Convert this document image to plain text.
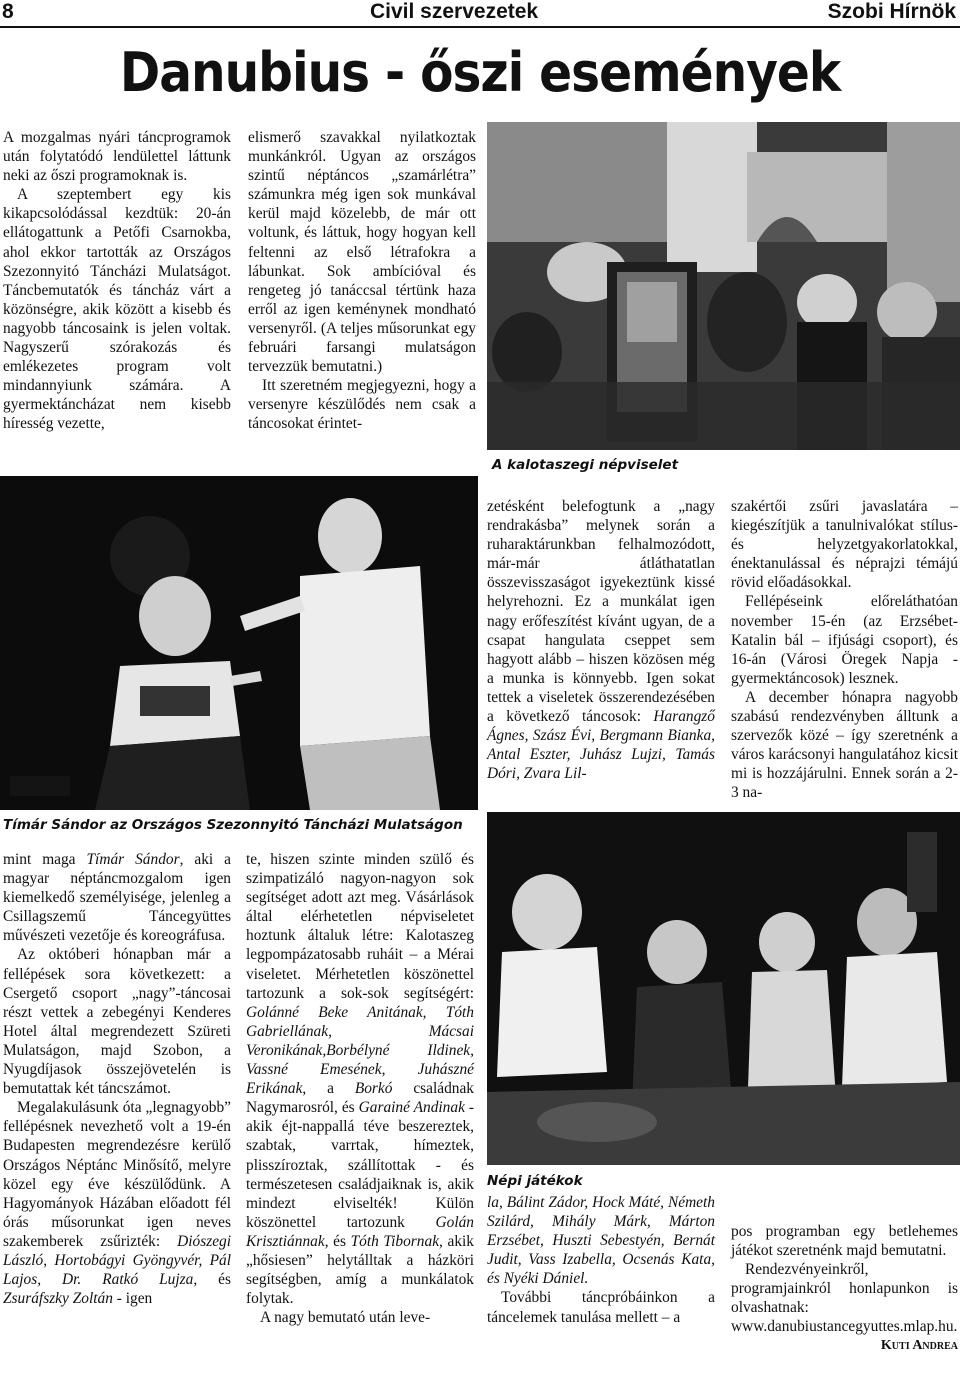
8	Civil szervezetek	Szobi Hírnök
Danubius - őszi események

A mozgalmas nyári táncprogramok után folytatódó lendülettel láttunk neki az őszi programoknak is.

A szeptembert egy kis kikapcsolódással kezdtük: 20-án ellátogattunk a Petőfi Csarnokba, ahol ekkor tartották az Országos Szezonnyitó Táncházi Mulatságot. Táncbemutatók és táncház várt a közönségre, akik között a kisebb és nagyobb táncosaink is jelen voltak. Nagyszerű szórakozás és emlékezetes program volt mindannyiunk számára. A gyermektáncházat nem kisebb híresség vezette,

elismerő szavakkal nyilatkoztak munkánkról. Ugyan az országos szintű néptáncos „szamárlétra” számunkra még igen sok munkával kerül majd közelebb, de már ott voltunk, és láttuk, hogy hogyan kell feltenni az első létrafokra a lábunkat. Sok ambícióval és rengeteg jó tanáccsal tértünk haza erről az igen keménynek mondható versenyről. (A teljes műsorunkat egy februári farsangi mulatságon tervezzük bemutatni.)

Itt szeretném megjegyezni, hogy a versenyre készülődés nem csak a táncosokat érintet-

A kalotaszegi népviselet
Tímár Sándor az Országos Szezonnyitó Táncházi Mulatságon

zetésként belefogtunk a „nagy rendrakásba” melynek során a ruharaktárunkban felhalmozódott, már-már átláthatatlan összevisszaságot igyekeztünk kissé helyrehozni. Ez a munkálat igen nagy erőfeszítést kívánt ugyan, de a csapat hangulata cseppet sem hagyott alább – hiszen közösen még a munka is könnyebb. Igen sokat tettek a viseletek összerendezésében a következő táncosok: Harangző Ágnes, Szász Évi, Bergmann Bianka, Antal Eszter, Juhász Lujzi, Tamás Dóri, Zvara Lil-

szakértői zsűri javaslatára – kiegészítjük a tanulnivalókat stílus- és helyzetgyakorlatokkal, énektanulással és néprajzi témájú rövid előadásokkal.

Fellépéseink előreláthatóan november 15-én (az Erzsébet-Katalin bál – ifjúsági csoport), és 16-án (Városi Öregek Napja - gyermektáncosok) lesznek.

A december hónapra nagyobb szabású rendezvényben álltunk a szervezők közé – így szeretnénk a város karácsonyi hangulatához kicsit mi is hozzájárulni. Ennek során a 2-3 na-

mint maga Tímár Sándor, aki a magyar néptáncmozgalom igen kiemelkedő személyisége, jelenleg a Csillagszemű Táncegyüttes művészeti vezetője és koreográfusa.

Az októberi hónapban már a fellépések sora következett: a Csergető csoport „nagy”-táncosai részt vettek a zebegényi Kenderes Hotel által megrendezett Szüreti Mulatságon, majd Szobon, a Nyugdíjasok összejövetelén is bemutattak két táncszámot.

Megalakulásunk óta „legnagyobb” fellépésnek nevezhető volt a 19-én Budapesten megrendezésre kerülő Országos Néptánc Minősítő, melyre közel egy éve készülődünk. A Hagyományok Házában előadott fél órás műsorunkat igen neves szakemberek zsűrizték: Diószegi László, Hortobágyi Gyöngyvér, Pál Lajos, Dr. Ratkó Lujza, és Zsuráfszky Zoltán - igen

te, hiszen szinte minden szülő és szimpatizáló nagyon-nagyon sok segítséget adott azt meg. Vásárlások által elérhetetlen népviseletet hoztunk általuk létre: Kalotaszeg legpompázatosabb ruháit – a Mérai viseletet. Mérhetetlen köszönettel tartozunk a sok-sok segítségért: Golánné Beke Anitának, Tóth Gabriellának, Mácsai Veronikának,Borbélyné Ildinek, Vassné Emesének, Juhászné Erikának, a Borkó családnak Nagymarosról, és Garainé Andinak - akik éjt-nappallá téve beszereztek, szabtak, varrtak, hímeztek, plisszíroztak, szállítottak - és természetesen családjaiknak is, akik mindezt elviselték! Külön köszönettel tartozunk Golán Krisztiánnak, és Tóth Tibornak, akik „hősiesen” helytálltak a házköri segítségben, amíg a munkálatok folytak.

A nagy bemutató után leve-

Népi játékok

la, Bálint Zádor, Hock Máté, Németh Szilárd, Mihály Márk, Márton Erzsébet, Huszti Sebestyén, Bernát Judit, Vass Izabella, Ocsenás Kata, és Nyéki Dániel.

További táncpróbáinkon a táncelemek tanulása mellett – a

pos programban egy betlehemes játékot szeretnénk majd bemutatni.

Rendezvényeinkről, programjainkról honlapunkon is olvashatnak: www.danubiustancegyuttes.mlap.hu.

Kuti Andrea
